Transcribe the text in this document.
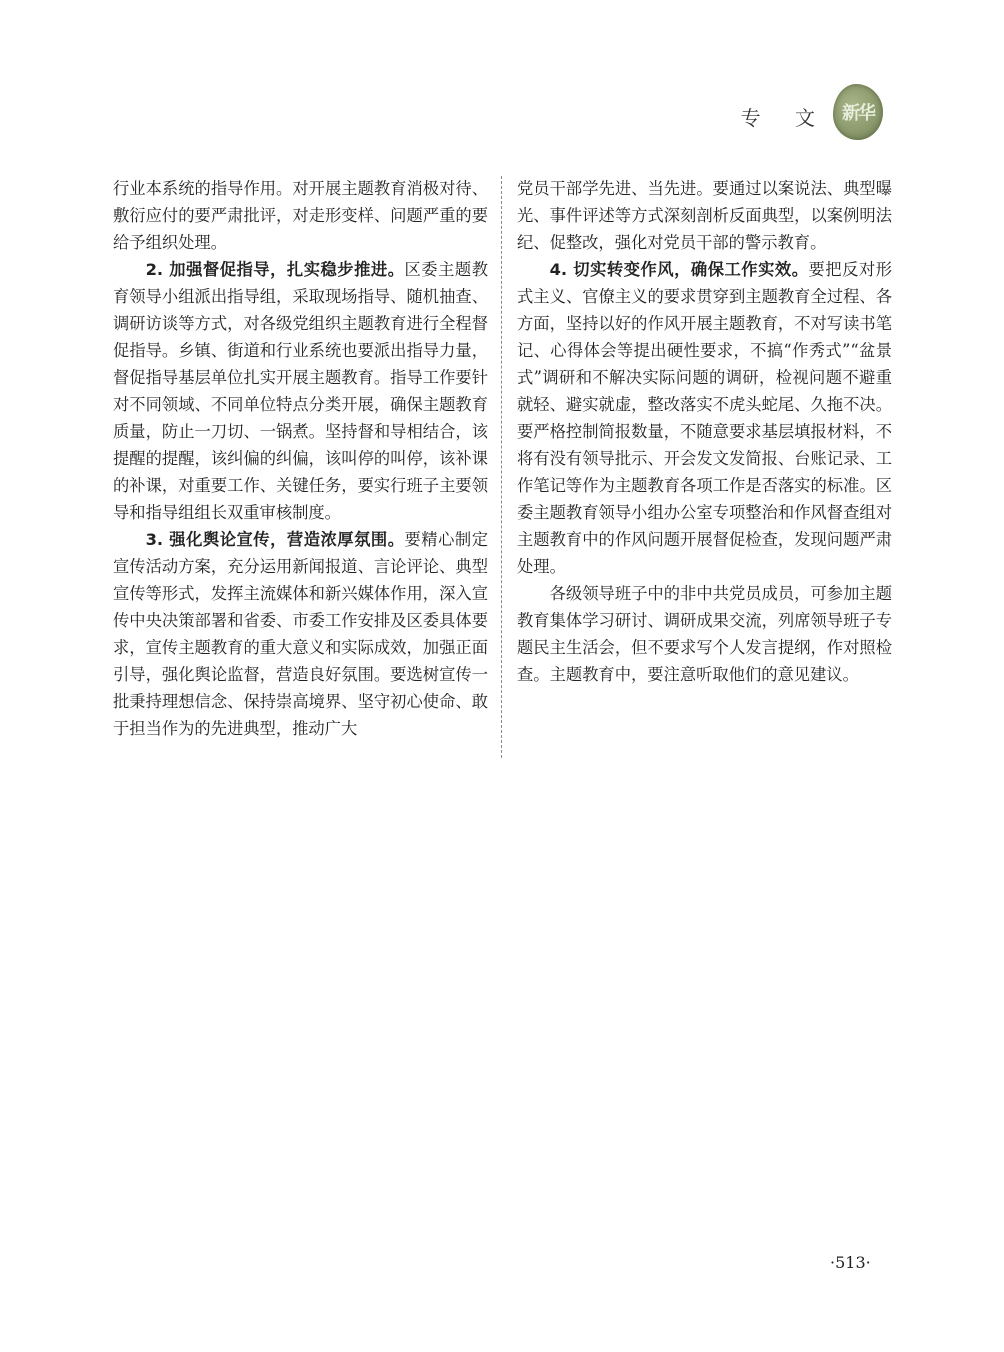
专 文 新华

行业本系统的指导作用。对开展主题教育消极对待、敷衍应付的要严肃批评，对走形变样、问题严重的要给予组织处理。

2. 加强督促指导，扎实稳步推进。区委主题教育领导小组派出指导组，采取现场指导、随机抽查、调研访谈等方式，对各级党组织主题教育进行全程督促指导。乡镇、街道和行业系统也要派出指导力量，督促指导基层单位扎实开展主题教育。指导工作要针对不同领域、不同单位特点分类开展，确保主题教育质量，防止一刀切、一锅煮。坚持督和导相结合，该提醒的提醒，该纠偏的纠偏，该叫停的叫停，该补课的补课，对重要工作、关键任务，要实行班子主要领导和指导组组长双重审核制度。

3. 强化舆论宣传，营造浓厚氛围。要精心制定宣传活动方案，充分运用新闻报道、言论评论、典型宣传等形式，发挥主流媒体和新兴媒体作用，深入宣传中央决策部署和省委、市委工作安排及区委具体要求，宣传主题教育的重大意义和实际成效，加强正面引导，强化舆论监督，营造良好氛围。要选树宣传一批秉持理想信念、保持崇高境界、坚守初心使命、敢于担当作为的先进典型，推动广大

党员干部学先进、当先进。要通过以案说法、典型曝光、事件评述等方式深刻剖析反面典型，以案例明法纪、促整改，强化对党员干部的警示教育。

4. 切实转变作风，确保工作实效。要把反对形式主义、官僚主义的要求贯穿到主题教育全过程、各方面，坚持以好的作风开展主题教育，不对写读书笔记、心得体会等提出硬性要求，不搞“作秀式”“盆景式”调研和不解决实际问题的调研，检视问题不避重就轻、避实就虚，整改落实不虎头蛇尾、久拖不决。要严格控制简报数量，不随意要求基层填报材料，不将有没有领导批示、开会发文发简报、台账记录、工作笔记等作为主题教育各项工作是否落实的标准。区委主题教育领导小组办公室专项整治和作风督查组对主题教育中的作风问题开展督促检查，发现问题严肃处理。

各级领导班子中的非中共党员成员，可参加主题教育集体学习研讨、调研成果交流，列席领导班子专题民主生活会，但不要求写个人发言提纲，作对照检查。主题教育中，要注意听取他们的意见建议。

·513·
